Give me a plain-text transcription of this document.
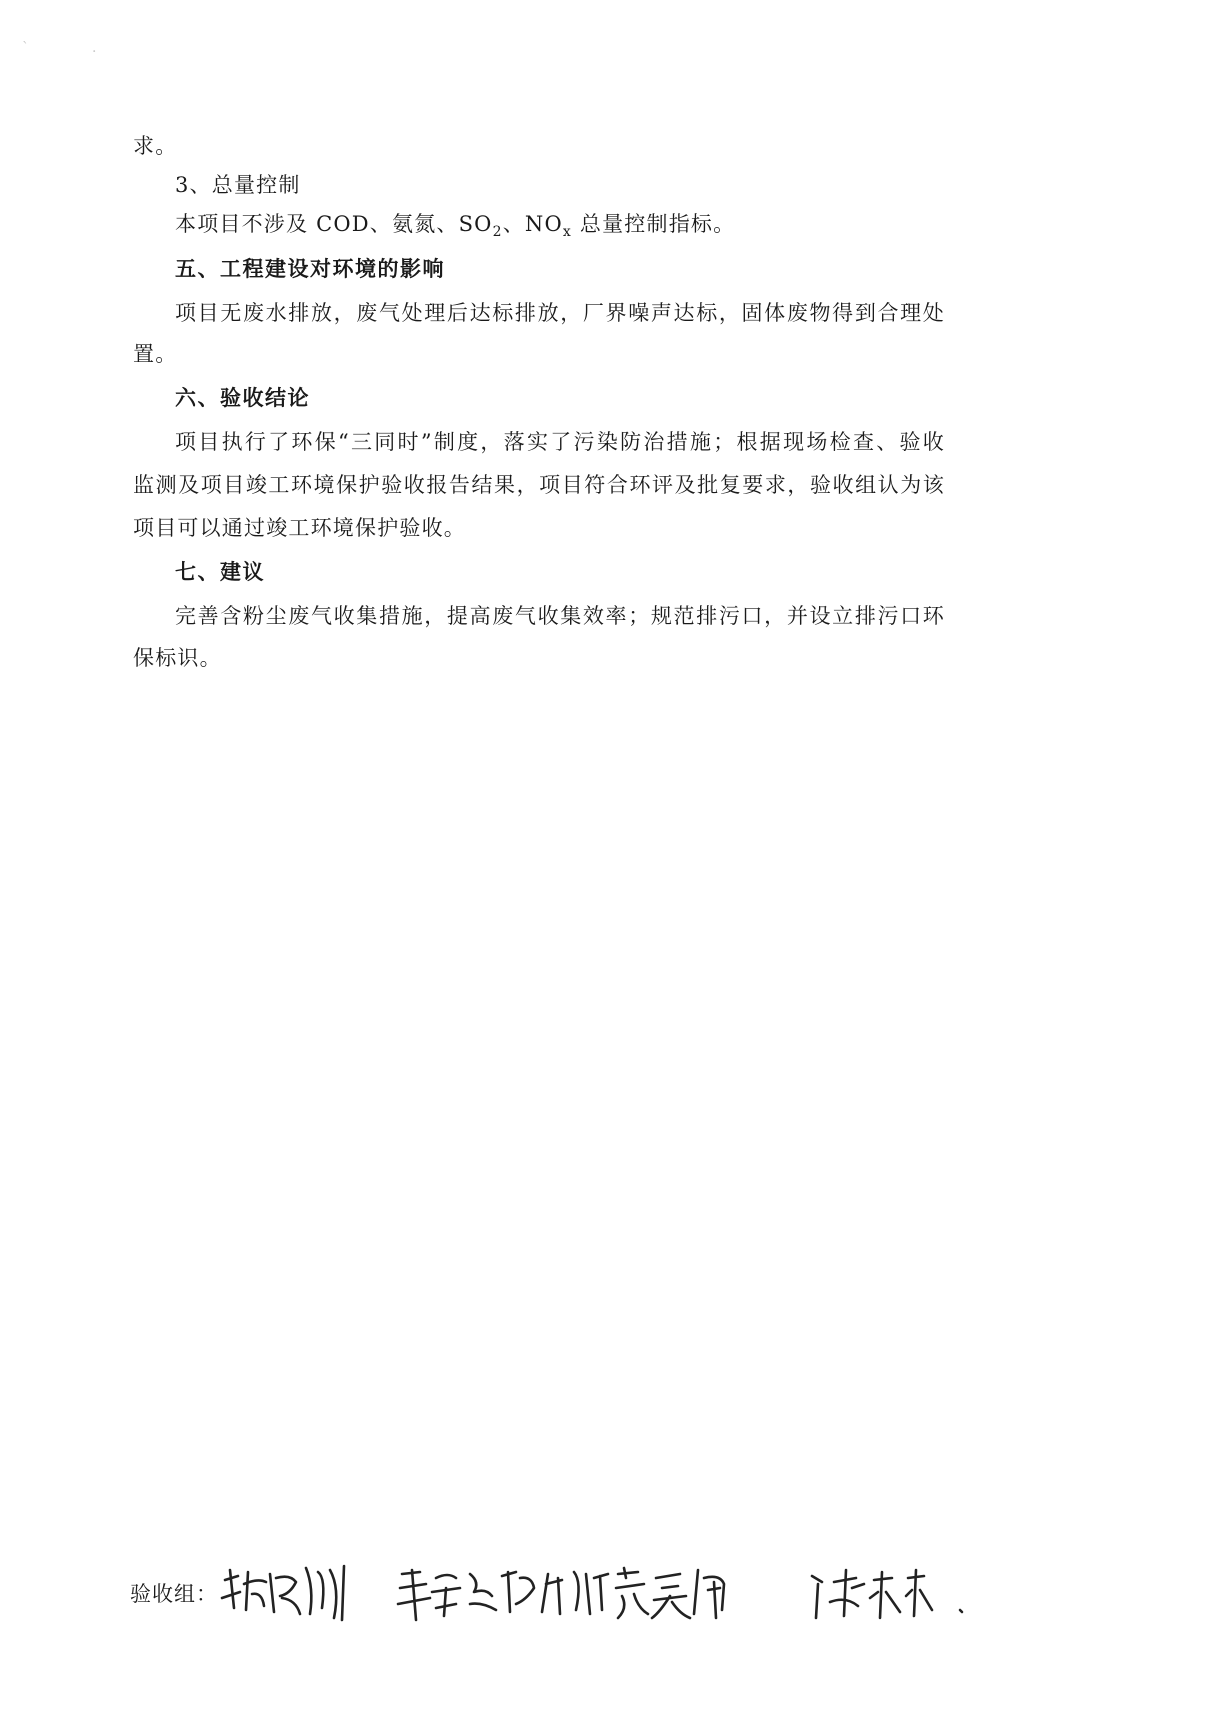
ˋ	·
求。
3、总量控制
本项目不涉及 COD、氨氮、$SO_2$、$NO_x$ 总量控制指标。
五、工程建设对环境的影响
项目无废水排放，废气处理后达标排放，厂界噪声达标，固体废物得到合理处
置。
六、验收结论
项目执行了环保“三同时”制度，落实了污染防治措施；根据现场检查、验收
监测及项目竣工环境保护验收报告结果，项目符合环评及批复要求，验收组认为该
项目可以通过竣工环境保护验收。
七、建议
完善含粉尘废气收集措施，提高废气收集效率；规范排污口，并设立排污口环
保标识。
验收组：
